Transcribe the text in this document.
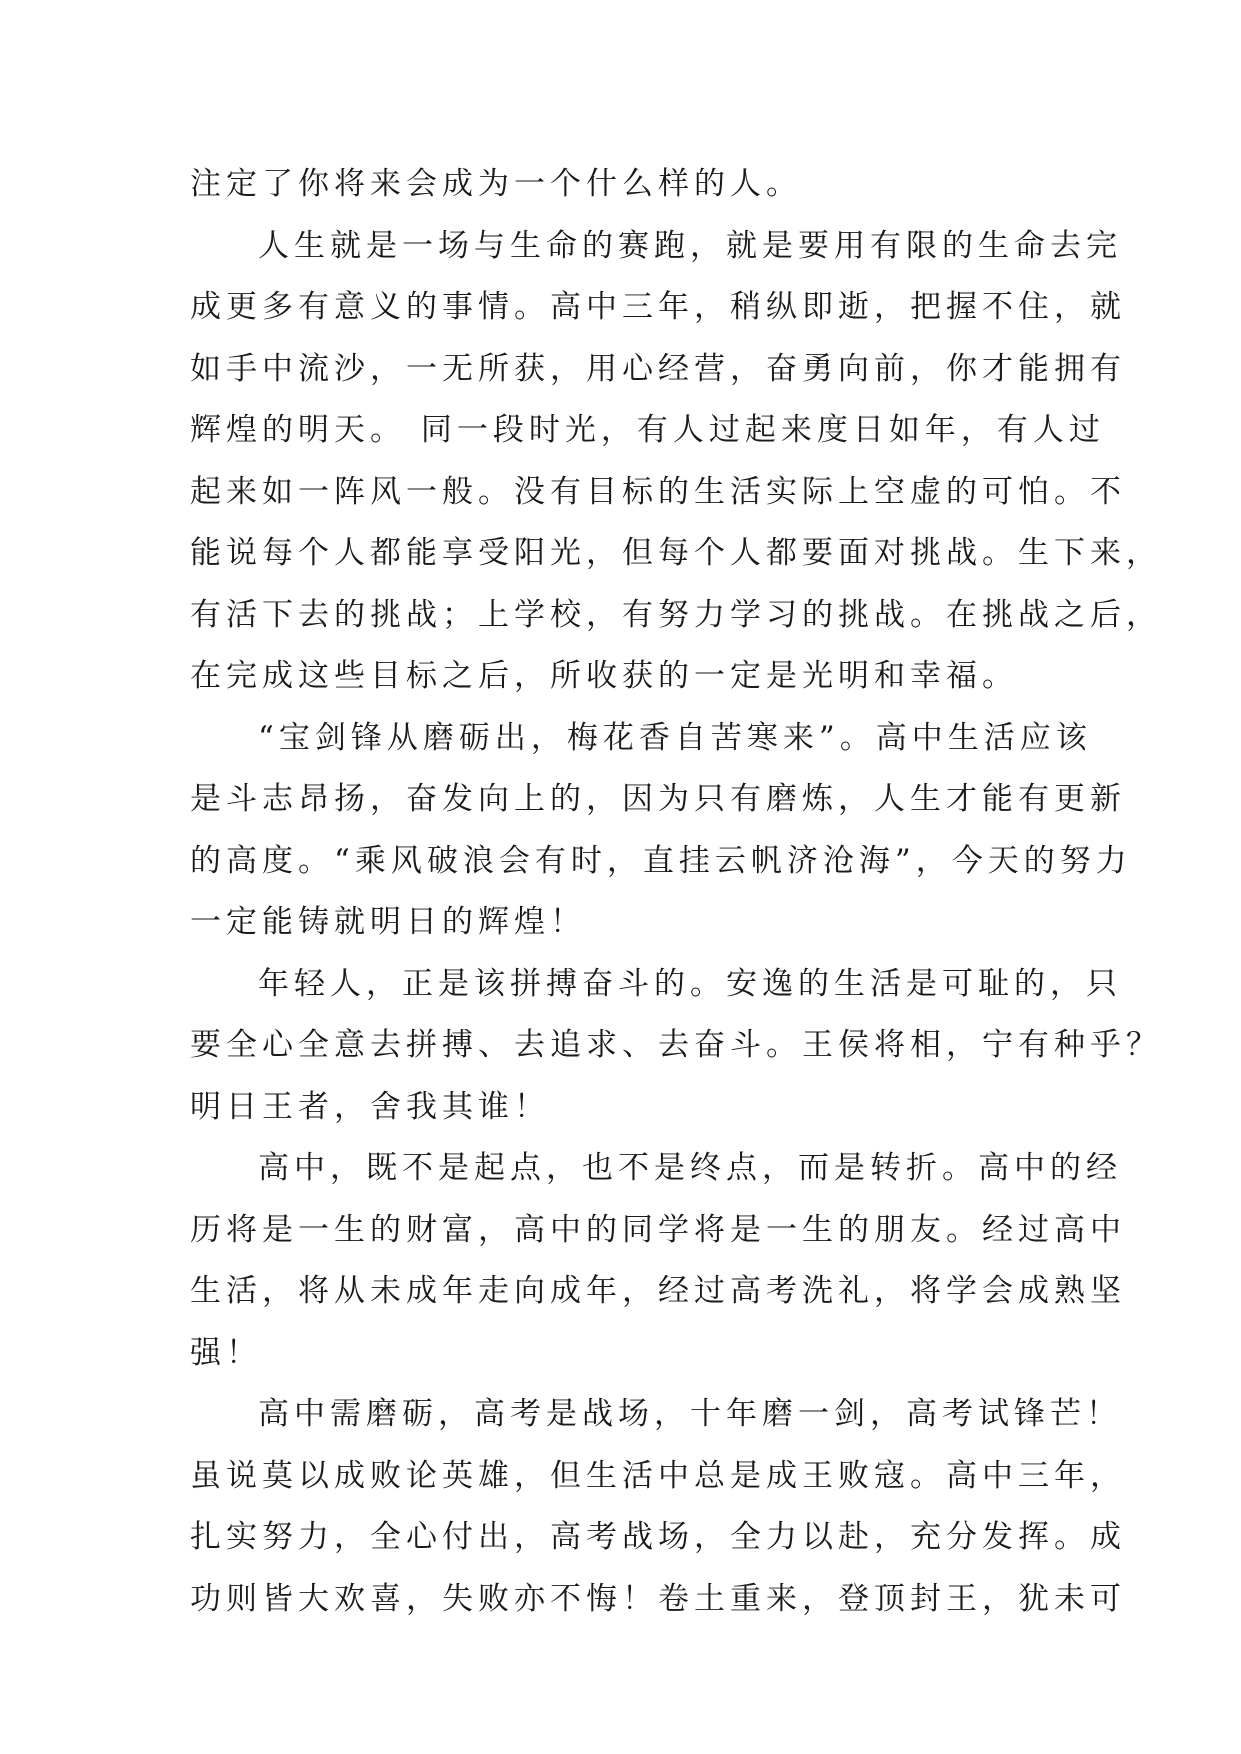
注定了你将来会成为一个什么样的人。
人生就是一场与生命的赛跑，就是要用有限的生命去完
成更多有意义的事情。高中三年，稍纵即逝，把握不住，就
如手中流沙，一无所获，用心经营，奋勇向前，你才能拥有
辉煌的明天。 同一段时光，有人过起来度日如年，有人过
起来如一阵风一般。没有目标的生活实际上空虚的可怕。不
能说每个人都能享受阳光，但每个人都要面对挑战。生下来，
有活下去的挑战；上学校，有努力学习的挑战。在挑战之后，
在完成这些目标之后，所收获的一定是光明和幸福。
“宝剑锋从磨砺出，梅花香自苦寒来”。高中生活应该
是斗志昂扬，奋发向上的，因为只有磨炼，人生才能有更新
的高度。“乘风破浪会有时，直挂云帆济沧海”，今天的努力
一定能铸就明日的辉煌！
年轻人，正是该拼搏奋斗的。安逸的生活是可耻的，只
要全心全意去拼搏、去追求、去奋斗。王侯将相，宁有种乎？
明日王者，舍我其谁！
高中，既不是起点，也不是终点，而是转折。高中的经
历将是一生的财富，高中的同学将是一生的朋友。经过高中
生活，将从未成年走向成年，经过高考洗礼，将学会成熟坚
强！
高中需磨砺，高考是战场，十年磨一剑，高考试锋芒！
虽说莫以成败论英雄，但生活中总是成王败寇。高中三年，
扎实努力，全心付出，高考战场，全力以赴，充分发挥。成
功则皆大欢喜，失败亦不悔！卷土重来，登顶封王，犹未可
